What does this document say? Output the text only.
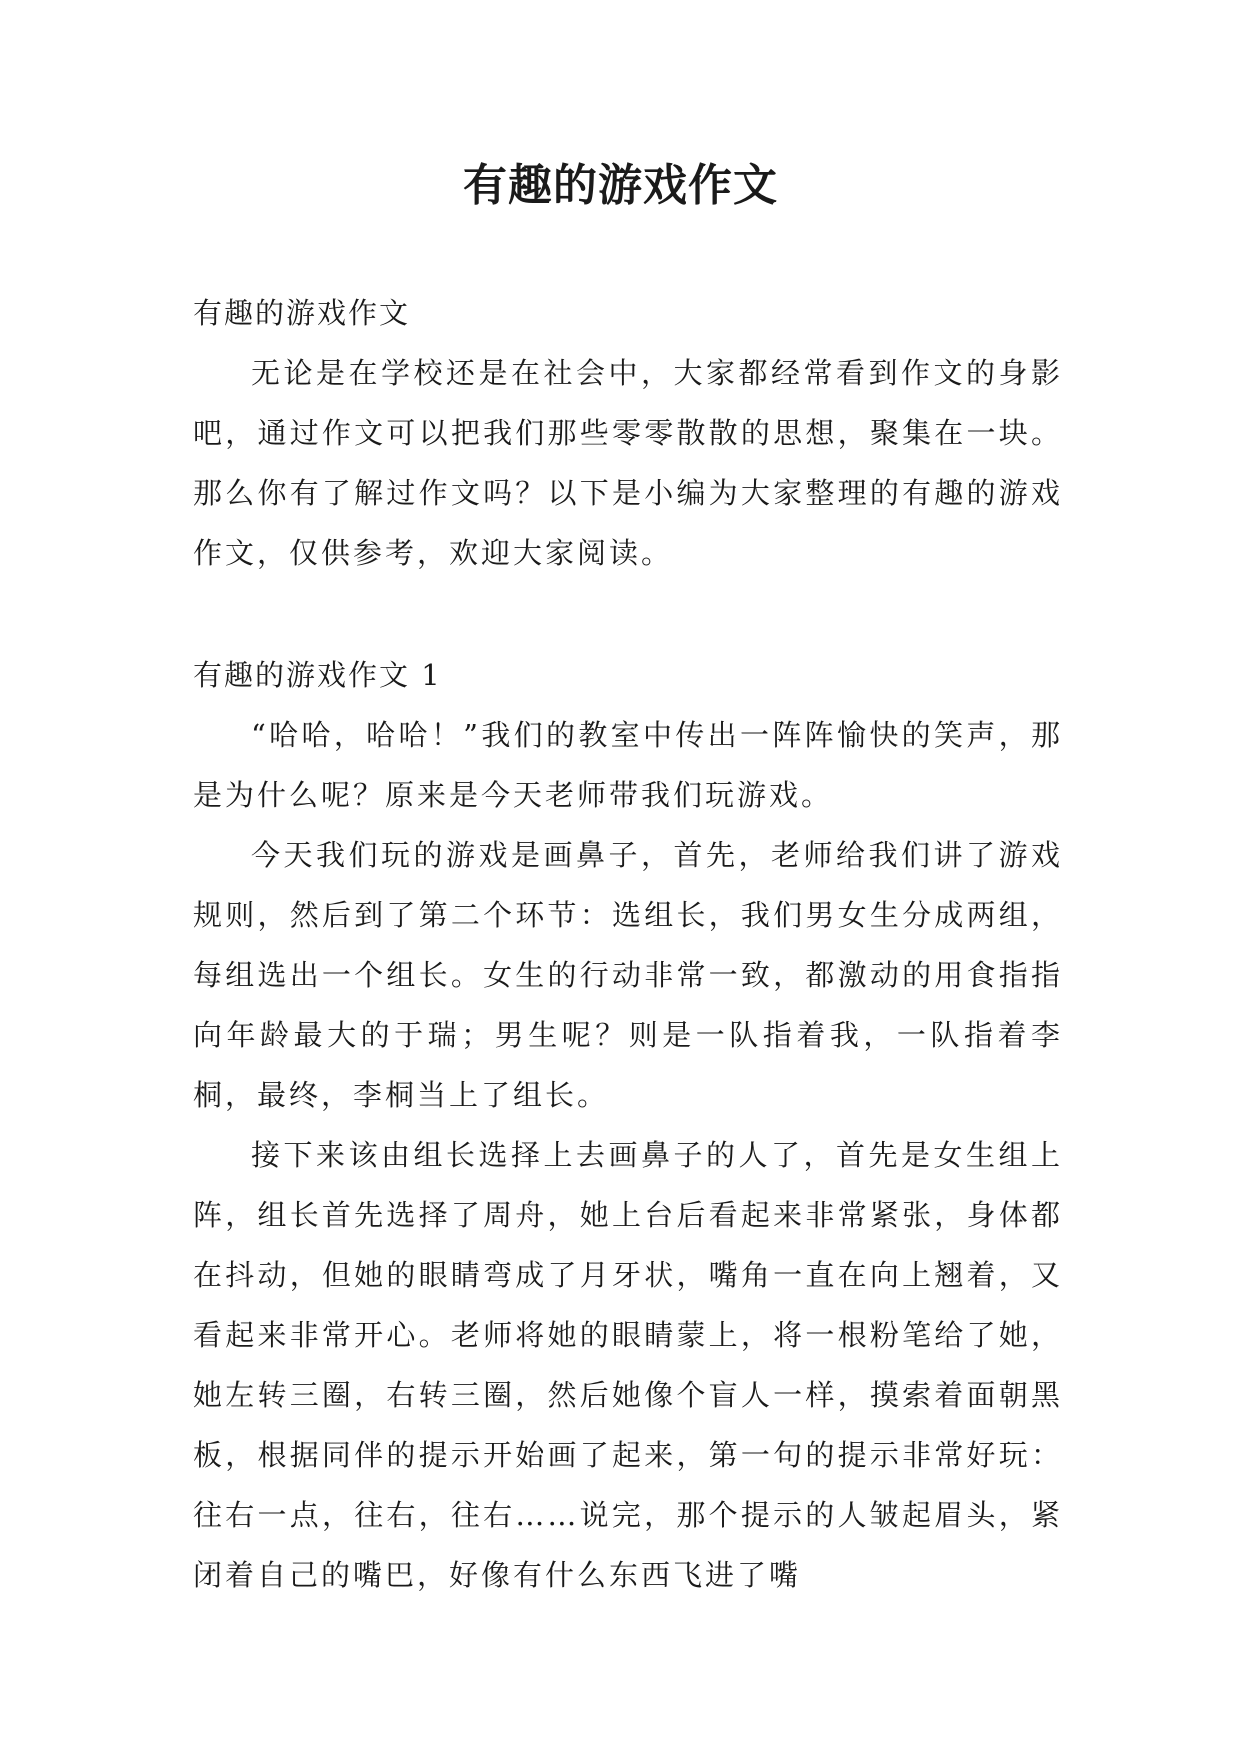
有趣的游戏作文

有趣的游戏作文

无论是在学校还是在社会中，大家都经常看到作文的身影吧，通过作文可以把我们那些零零散散的思想，聚集在一块。那么你有了解过作文吗？以下是小编为大家整理的有趣的游戏作文，仅供参考，欢迎大家阅读。

有趣的游戏作文 1

“哈哈，哈哈！”我们的教室中传出一阵阵愉快的笑声，那是为什么呢？原来是今天老师带我们玩游戏。

今天我们玩的游戏是画鼻子，首先，老师给我们讲了游戏规则，然后到了第二个环节：选组长，我们男女生分成两组，每组选出一个组长。女生的行动非常一致，都激动的用食指指向年龄最大的于瑞；男生呢？则是一队指着我，一队指着李桐，最终，李桐当上了组长。

接下来该由组长选择上去画鼻子的人了，首先是女生组上阵，组长首先选择了周舟，她上台后看起来非常紧张，身体都在抖动，但她的眼睛弯成了月牙状，嘴角一直在向上翘着，又看起来非常开心。老师将她的眼睛蒙上，将一根粉笔给了她，她左转三圈，右转三圈，然后她像个盲人一样，摸索着面朝黑板，根据同伴的提示开始画了起来，第一句的提示非常好玩：往右一点，往右，往右……说完，那个提示的人皱起眉头，紧闭着自己的嘴巴，好像有什么东西飞进了嘴
